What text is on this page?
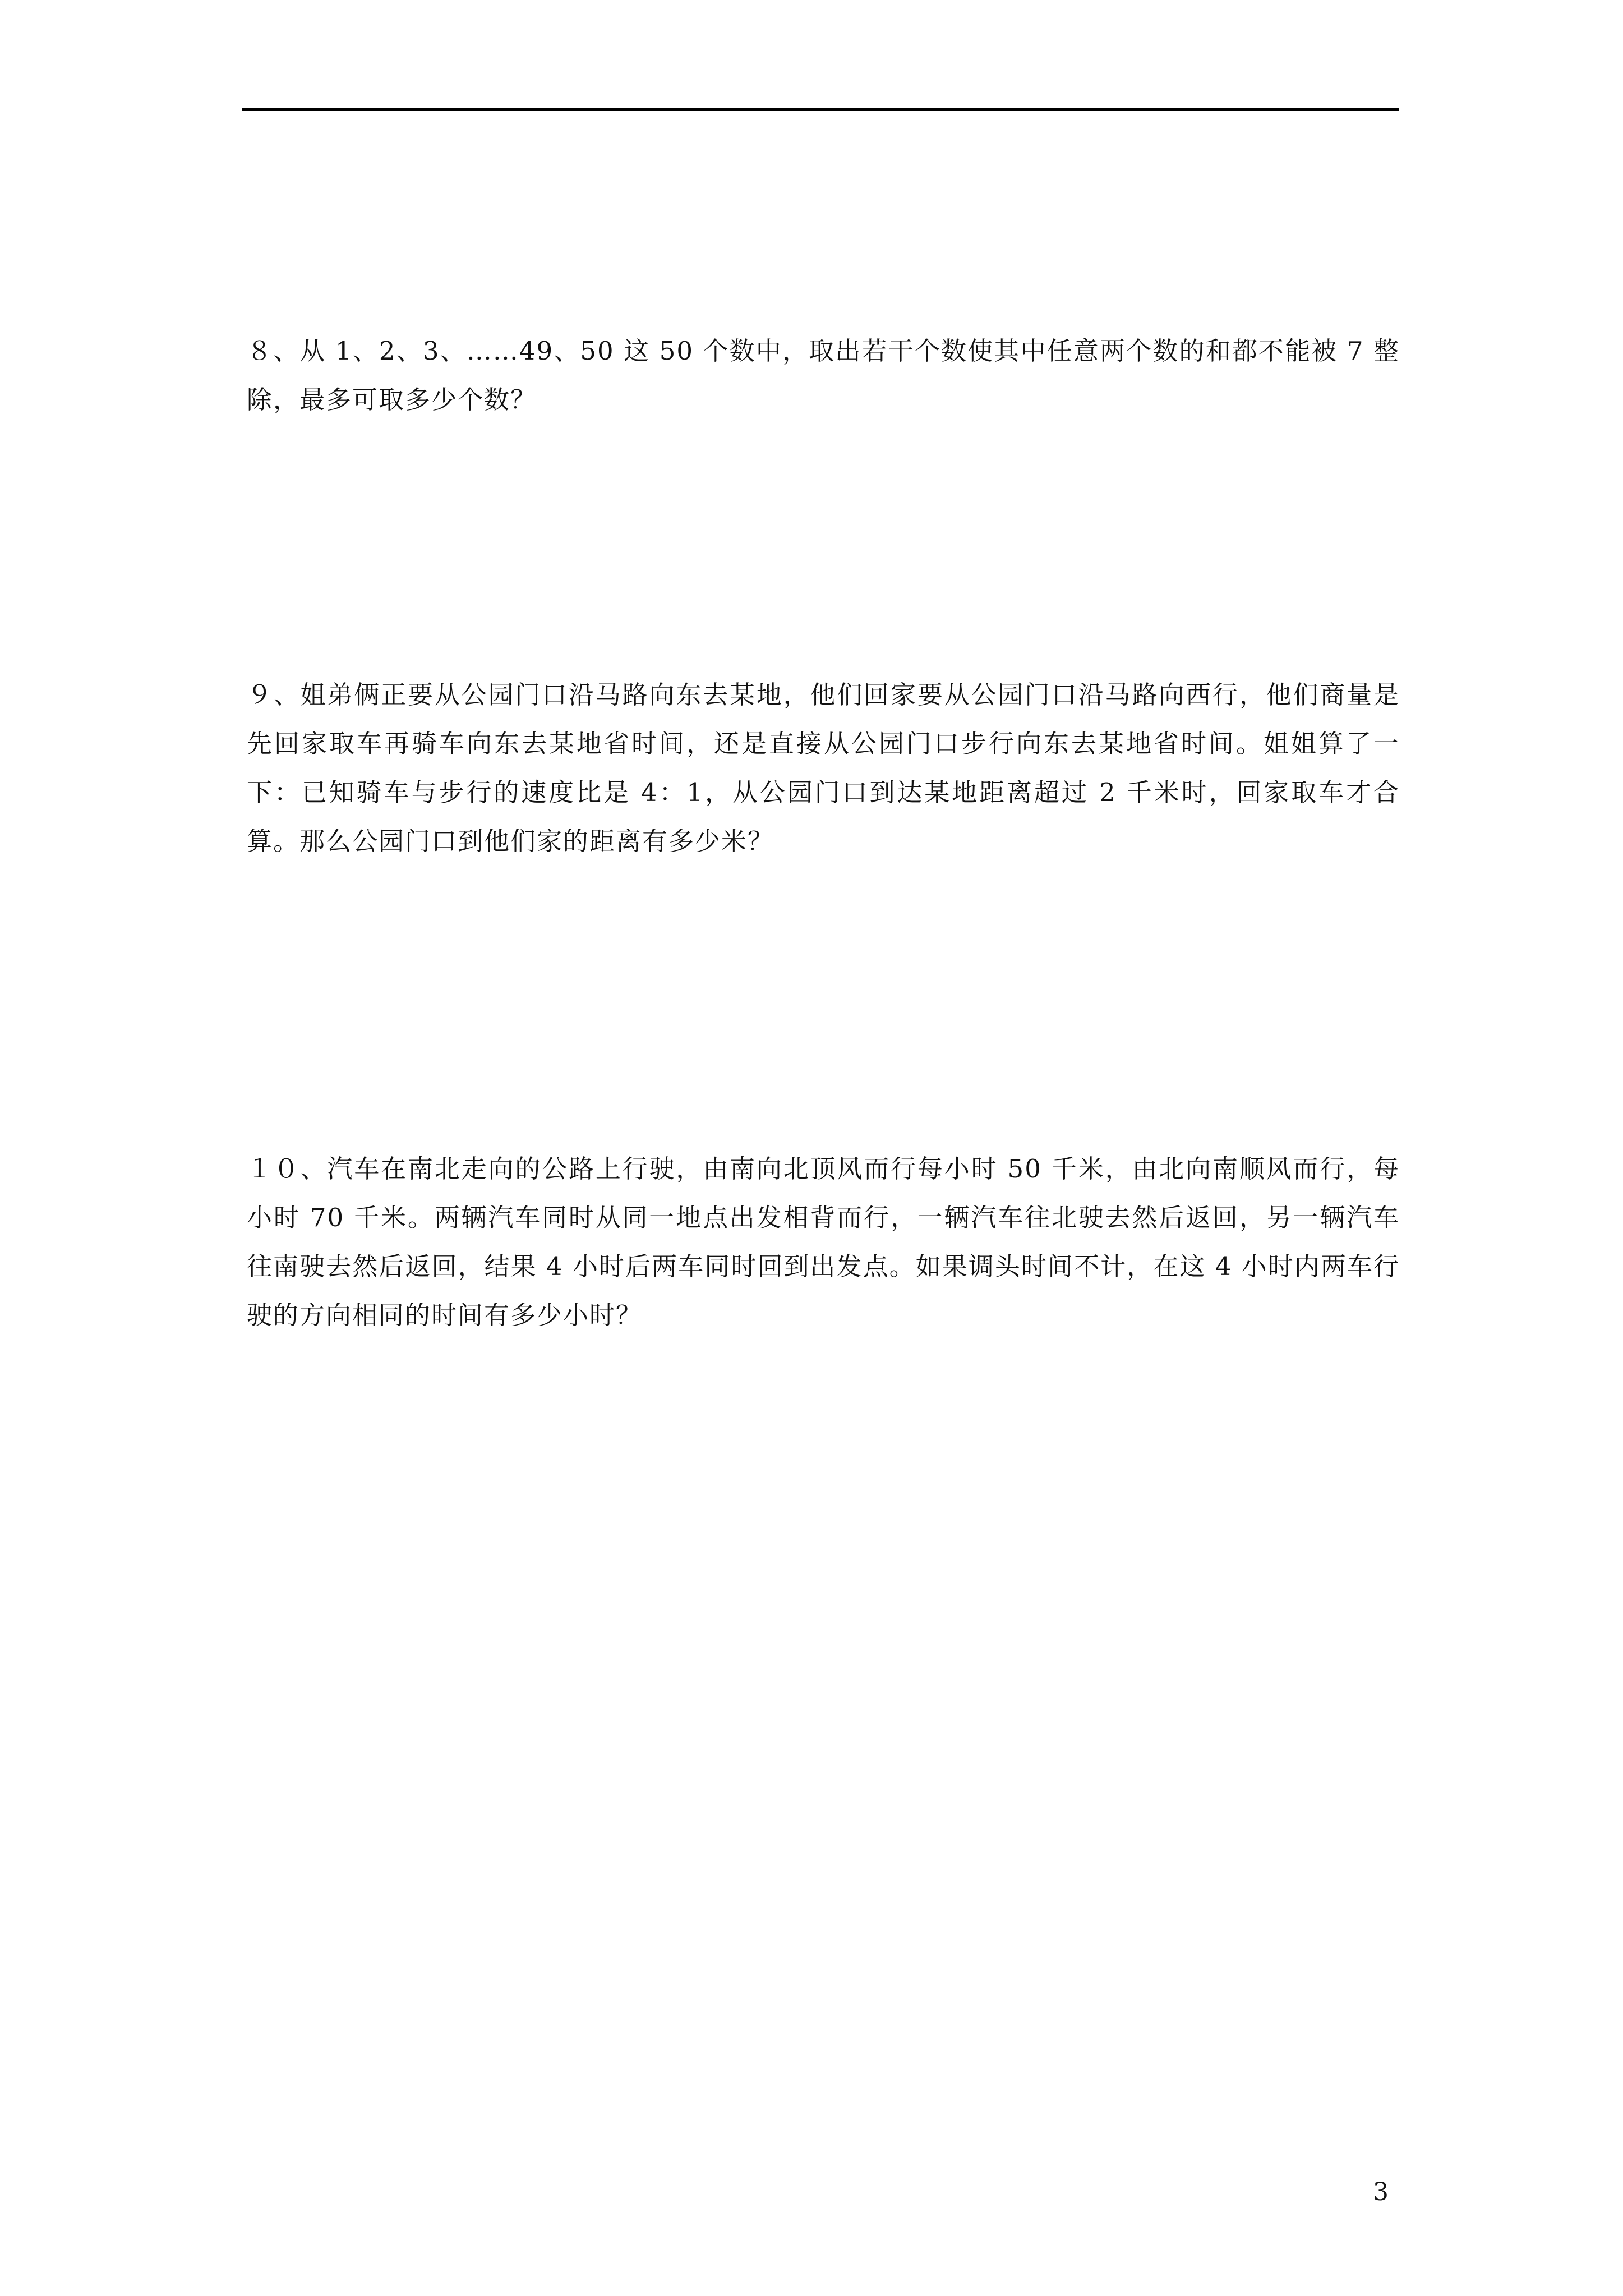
８、从 1、2、3、……49、50 这 50 个数中，取出若干个数使其中任意两个数的和都不能被 7 整除，最多可取多少个数？

９、姐弟俩正要从公园门口沿马路向东去某地，他们回家要从公园门口沿马路向西行，他们商量是先回家取车再骑车向东去某地省时间，还是直接从公园门口步行向东去某地省时间。姐姐算了一下：已知骑车与步行的速度比是 4：1，从公园门口到达某地距离超过 2 千米时，回家取车才合算。那么公园门口到他们家的距离有多少米？

１０、汽车在南北走向的公路上行驶，由南向北顶风而行每小时 50 千米，由北向南顺风而行，每小时 70 千米。两辆汽车同时从同一地点出发相背而行，一辆汽车往北驶去然后返回，另一辆汽车往南驶去然后返回，结果 4 小时后两车同时回到出发点。如果调头时间不计，在这 4 小时内两车行驶的方向相同的时间有多少小时？

3
